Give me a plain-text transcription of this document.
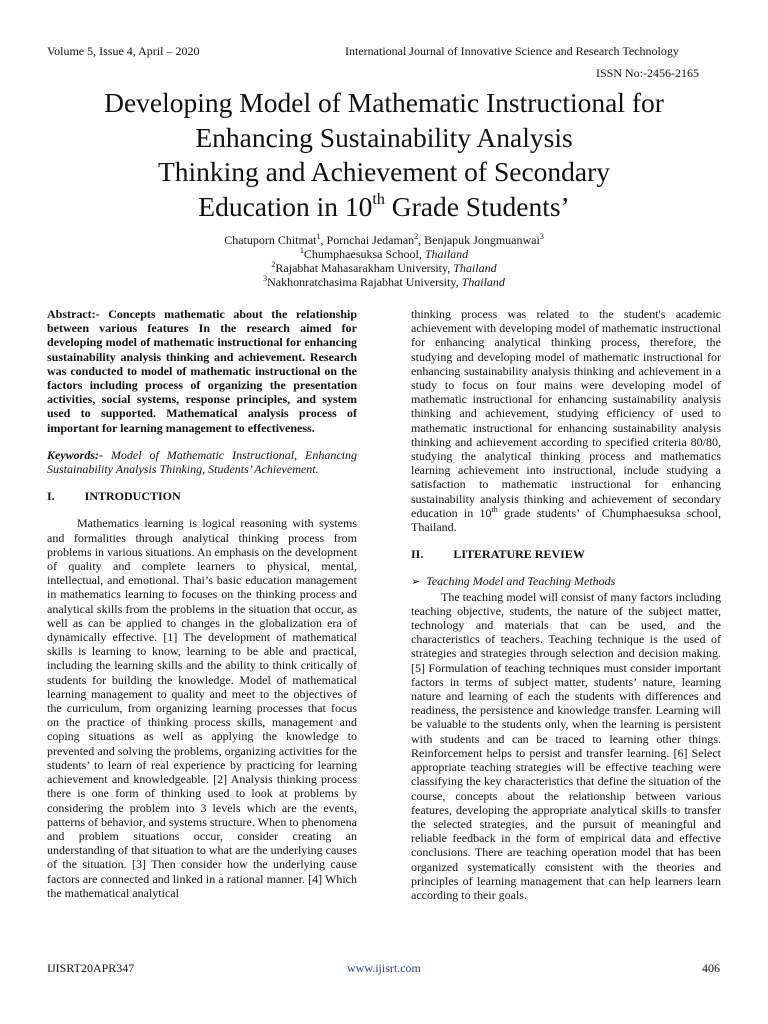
Volume 5, Issue 4, April – 2020	International Journal of Innovative Science and Research Technology
ISSN No:-2456-2165
Developing Model of Mathematic Instructional for
Enhancing Sustainability Analysis
Thinking and Achievement of Secondary
Education in 10th Grade Students’
Chatuporn Chitmat$^1$, Pornchai Jedaman$^2$, Benjapuk Jongmuanwai$^3$
$^1$Chumphaesuksa School, Thailand
$^2$Rajabhat Mahasarakham University, Thailand
$^3$Nakhonratchasima Rajabhat University, Thailand

Abstract:- Concepts mathematic about the relationship between various features In the research aimed for developing model of mathematic instructional for enhancing sustainability analysis thinking and achievement. Research was conducted to model of mathematic instructional on the factors including process of organizing the presentation activities, social systems, response principles, and system used to supported. Mathematical analysis process of important for learning management to effectiveness.

Keywords:- Model of Mathematic Instructional, Enhancing Sustainability Analysis Thinking, Students’ Achievement.

I.          INTRODUCTION

Mathematics learning is logical reasoning with systems and formalities through analytical thinking process from problems in various situations. An emphasis on the development of quality and complete learners to physical, mental, intellectual, and emotional. Thai’s basic education management in mathematics learning to focuses on the thinking process and analytical skills from the problems in the situation that occur, as well as can be applied to changes in the globalization era of dynamically effective. [1] The development of mathematical skills is learning to know, learning to be able and practical, including the learning skills and the ability to think critically of students for building the knowledge. Model of mathematical learning management to quality and meet to the objectives of the curriculum, from organizing learning processes that focus on the practice of thinking process skills, management and coping situations as well as applying the knowledge to prevented and solving the problems, organizing activities for the students’ to learn of real experience by practicing for learning achievement and knowledgeable. [2] Analysis thinking process there is one form of thinking used to look at problems by considering the problem into 3 levels which are the events, patterns of behavior, and systems structure. When to phenomena and problem situations occur, consider creating an understanding of that situation to what are the underlying causes of the situation. [3] Then consider how the underlying cause factors are connected and linked in a rational manner. [4] Which the mathematical analytical

thinking process was related to the student's academic achievement with developing model of mathematic instructional for enhancing analytical thinking process, therefore, the studying and developing model of mathematic instructional for enhancing sustainability analysis thinking and achievement in a study to focus on four mains were developing model of mathematic instructional for enhancing sustainability analysis thinking and achievement, studying efficiency of used to mathematic instructional for enhancing sustainability analysis thinking and achievement according to specified criteria 80/80, studying the analytical thinking process and mathematics learning achievement into instructional, include studying a satisfaction to mathematic instructional for enhancing sustainability analysis thinking and achievement of secondary education in 10th grade students’ of Chumphaesuksa school, Thailand.

II.          LITERATURE REVIEW

➢ Teaching Model and Teaching Methods

The teaching model will consist of many factors including teaching objective, students, the nature of the subject matter, technology and materials that can be used, and the characteristics of teachers. Teaching technique is the used of strategies and strategies through selection and decision making. [5] Formulation of teaching techniques must consider important factors in terms of subject matter, students’ nature, learning nature and learning of each the students with differences and readiness, the persistence and knowledge transfer. Learning will be valuable to the students only, when the learning is persistent with students and can be traced to learning other things. Reinforcement helps to persist and transfer learning. [6] Select appropriate teaching strategies will be effective teaching were classifying the key characteristics that define the situation of the course, concepts about the relationship between various features, developing the appropriate analytical skills to transfer the selected strategies, and the pursuit of meaningful and reliable feedback in the form of empirical data and effective conclusions. There are teaching operation model that has been organized systematically consistent with the theories and principles of learning management that can help learners learn according to their goals.

IJISRT20APR347	www.ijisrt.com	406
